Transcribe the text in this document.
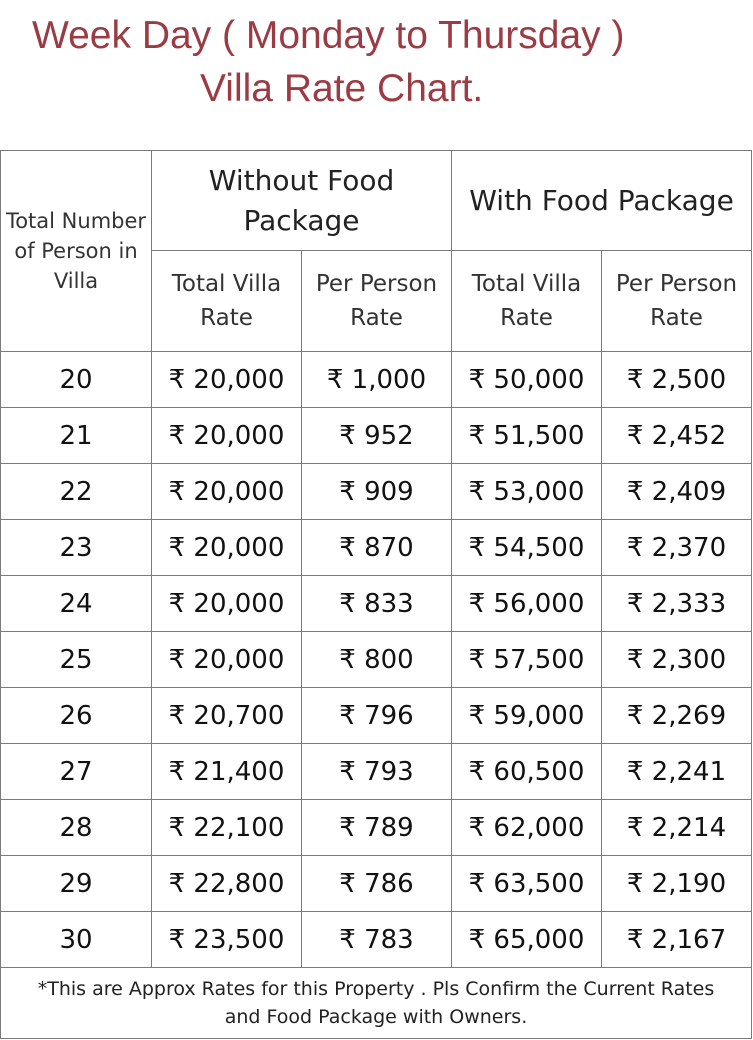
Week Day ( Monday to Thursday )
Villa Rate Chart.
Total Number of Person in Villa	Without Food Package		With Food Package	
	Total Villa Rate	Per Person Rate	Total Villa Rate	Per Person Rate
20	₹ 20,000	₹ 1,000	₹ 50,000	₹ 2,500
21	₹ 20,000	₹ 952	₹ 51,500	₹ 2,452
22	₹ 20,000	₹ 909	₹ 53,000	₹ 2,409
23	₹ 20,000	₹ 870	₹ 54,500	₹ 2,370
24	₹ 20,000	₹ 833	₹ 56,000	₹ 2,333
25	₹ 20,000	₹ 800	₹ 57,500	₹ 2,300
26	₹ 20,700	₹ 796	₹ 59,000	₹ 2,269
27	₹ 21,400	₹ 793	₹ 60,500	₹ 2,241
28	₹ 22,100	₹ 789	₹ 62,000	₹ 2,214
29	₹ 22,800	₹ 786	₹ 63,500	₹ 2,190
30	₹ 23,500	₹ 783	₹ 65,000	₹ 2,167
*This are Approx Rates for this Property . Pls Confirm the Current Rates
and Food Package with Owners.
